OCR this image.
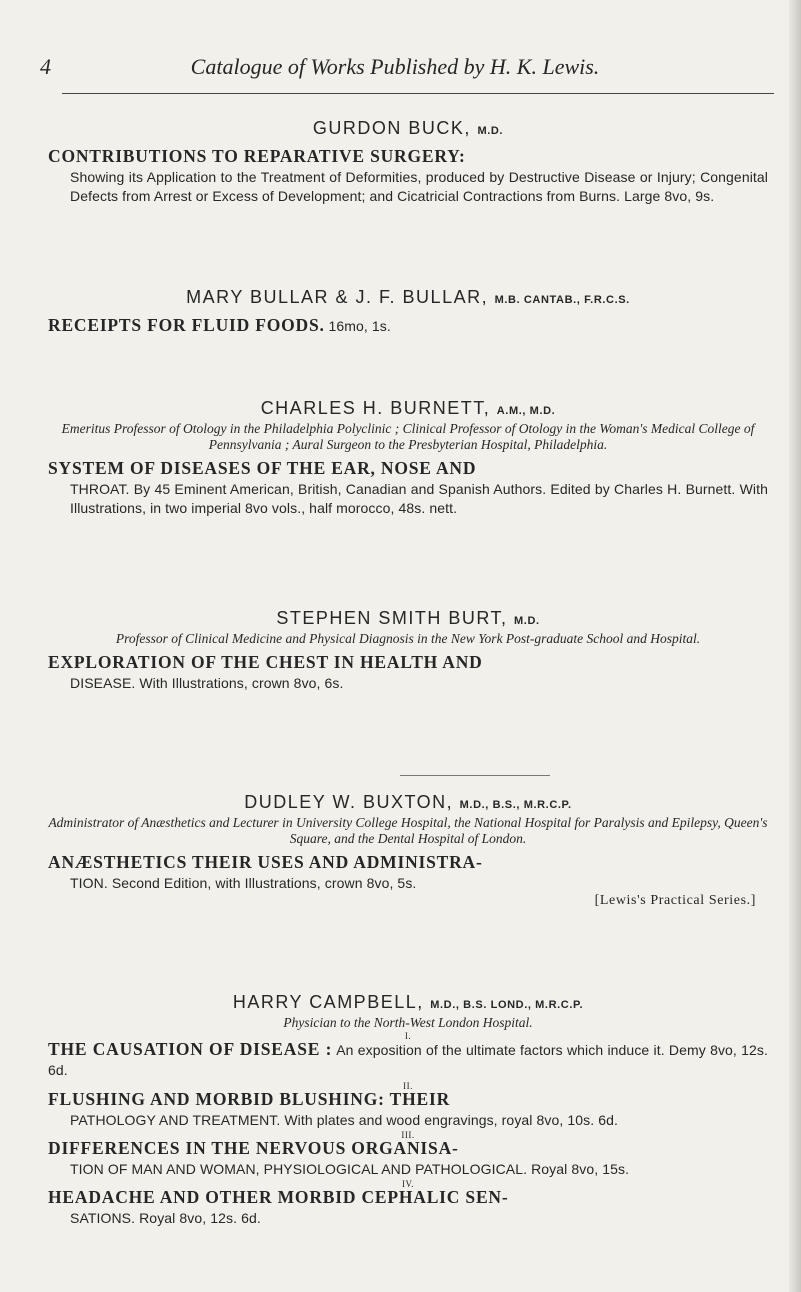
4	Catalogue of Works Published by H. K. Lewis.

GURDON BUCK, M.D.

CONTRIBUTIONS TO REPARATIVE SURGERY:
Showing its Application to the Treatment of Deformities, produced by Destructive Disease or Injury; Congenital Defects from Arrest or Excess of Development; and Cicatricial Contractions from Burns. Large 8vo, 9s.

MARY BULLAR & J. F. BULLAR, M.B. CANTAB., F.R.C.S.

RECEIPTS FOR FLUID FOODS. 16mo, 1s.

CHARLES H. BURNETT, A.M., M.D.

Emeritus Professor of Otology in the Philadelphia Polyclinic ; Clinical Professor of Otology in the Woman's Medical College of Pennsylvania ; Aural Surgeon to the Presbyterian Hospital, Philadelphia.

SYSTEM OF DISEASES OF THE EAR, NOSE AND
THROAT. By 45 Eminent American, British, Canadian and Spanish Authors. Edited by Charles H. Burnett. With Illustrations, in two imperial 8vo vols., half morocco, 48s. nett.

STEPHEN SMITH BURT, M.D.

Professor of Clinical Medicine and Physical Diagnosis in the New York Post-graduate School and Hospital.

EXPLORATION OF THE CHEST IN HEALTH AND
DISEASE. With Illustrations, crown 8vo, 6s.

DUDLEY W. BUXTON, M.D., B.S., M.R.C.P.

Administrator of Anæsthetics and Lecturer in University College Hospital, the National Hospital for Paralysis and Epilepsy, Queen's Square, and the Dental Hospital of London.

ANÆSTHETICS THEIR USES AND ADMINISTRA-
TION. Second Edition, with Illustrations, crown 8vo, 5s.

[Lewis's Practical Series.]

HARRY CAMPBELL, M.D., B.S. LOND., M.R.C.P.

Physician to the North-West London Hospital.

I.

THE CAUSATION OF DISEASE : An exposition of the ultimate factors which induce it. Demy 8vo, 12s. 6d.

II.

FLUSHING AND MORBID BLUSHING: THEIR
PATHOLOGY AND TREATMENT. With plates and wood engravings, royal 8vo, 10s. 6d.

III.

DIFFERENCES IN THE NERVOUS ORGANISA-
TION OF MAN AND WOMAN, PHYSIOLOGICAL AND PATHOLOGICAL. Royal 8vo, 15s.

IV.

HEADACHE AND OTHER MORBID CEPHALIC SEN-
SATIONS. Royal 8vo, 12s. 6d.
